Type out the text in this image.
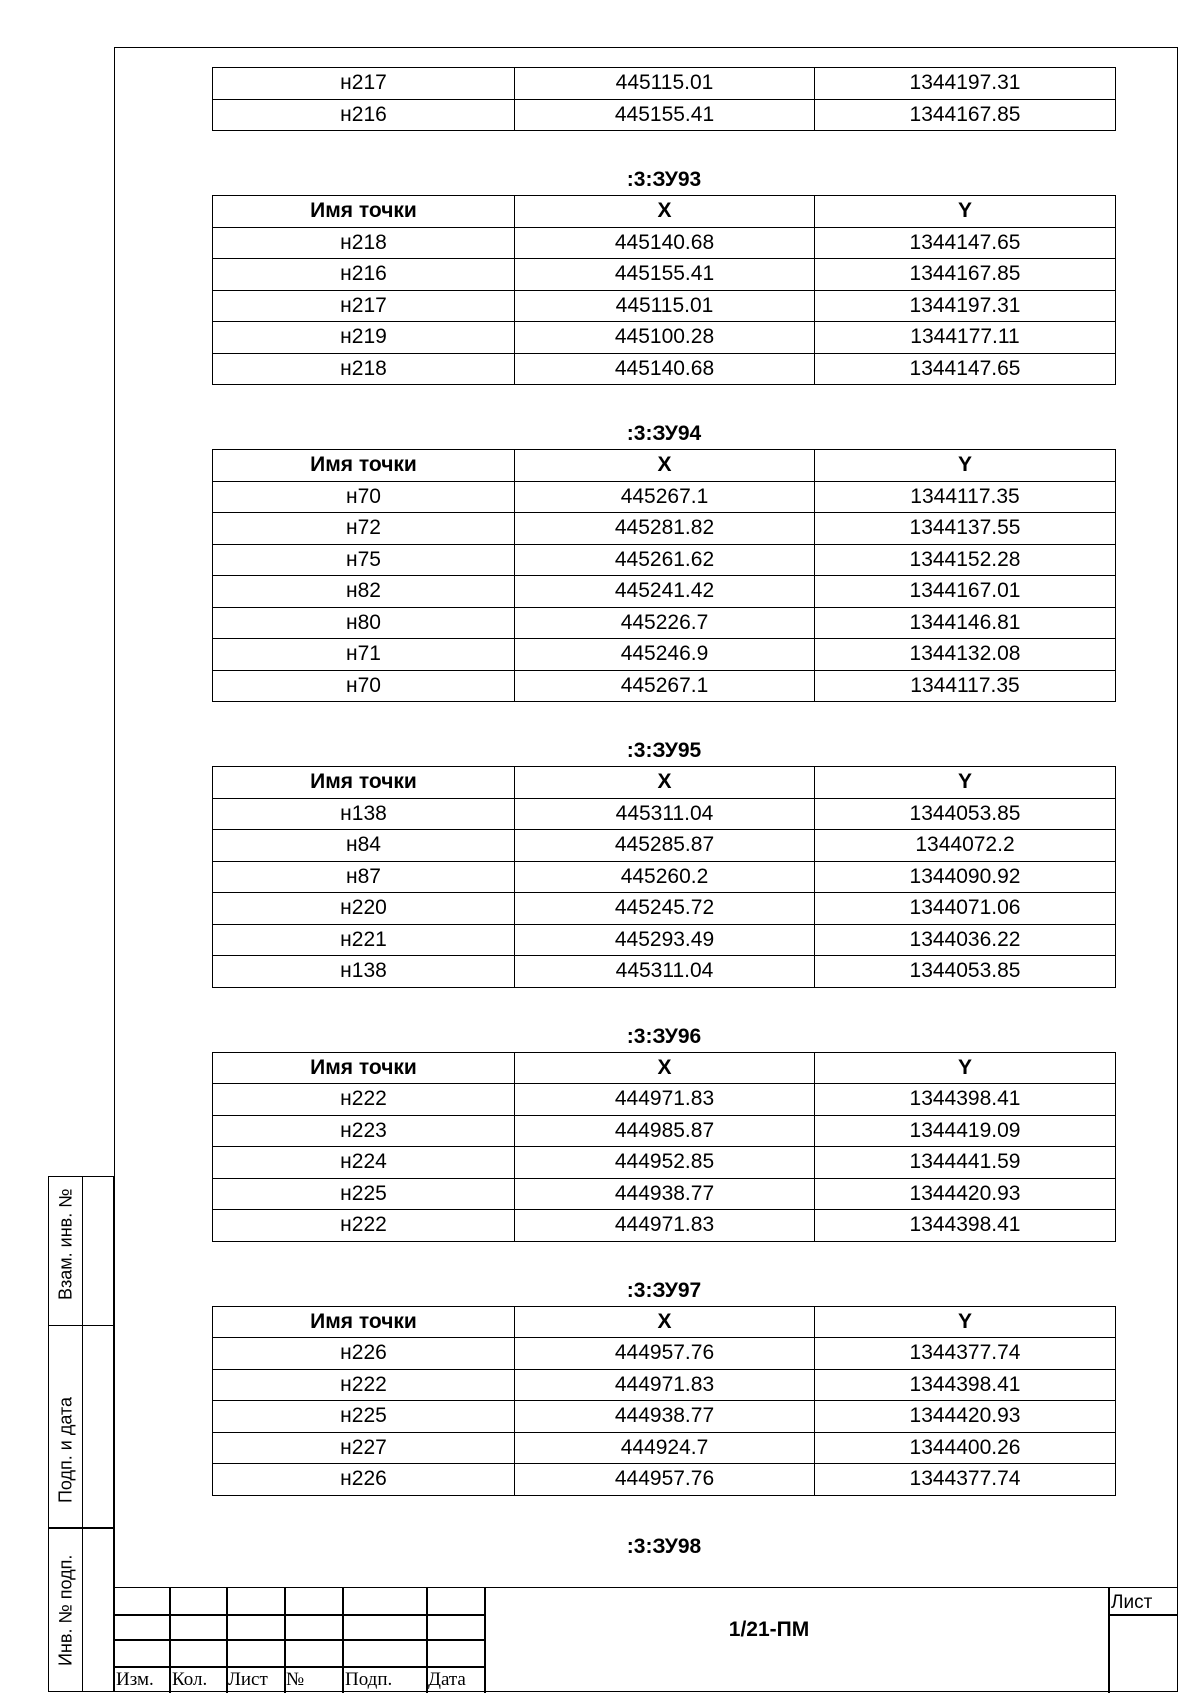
н217	445115.01	1344197.31
н216	445155.41	1344167.85
:3:ЗУ93
Имя точки	X	Y
н218	445140.68	1344147.65
н216	445155.41	1344167.85
н217	445115.01	1344197.31
н219	445100.28	1344177.11
н218	445140.68	1344147.65
:3:ЗУ94
Имя точки	X	Y
н70	445267.1	1344117.35
н72	445281.82	1344137.55
н75	445261.62	1344152.28
н82	445241.42	1344167.01
н80	445226.7	1344146.81
н71	445246.9	1344132.08
н70	445267.1	1344117.35
:3:ЗУ95
Имя точки	X	Y
н138	445311.04	1344053.85
н84	445285.87	1344072.2
н87	445260.2	1344090.92
н220	445245.72	1344071.06
н221	445293.49	1344036.22
н138	445311.04	1344053.85
:3:ЗУ96
Имя точки	X	Y
н222	444971.83	1344398.41
н223	444985.87	1344419.09
н224	444952.85	1344441.59
н225	444938.77	1344420.93
н222	444971.83	1344398.41
:3:ЗУ97
Имя точки	X	Y
н226	444957.76	1344377.74
н222	444971.83	1344398.41
н225	444938.77	1344420.93
н227	444924.7	1344400.26
н226	444957.76	1344377.74
:3:ЗУ98
Взам. инв. №
Подп. и дата
Инв. № подп.
Изм. Кол. Лист № Подп. Дата
1/21-ПМ
Лист
